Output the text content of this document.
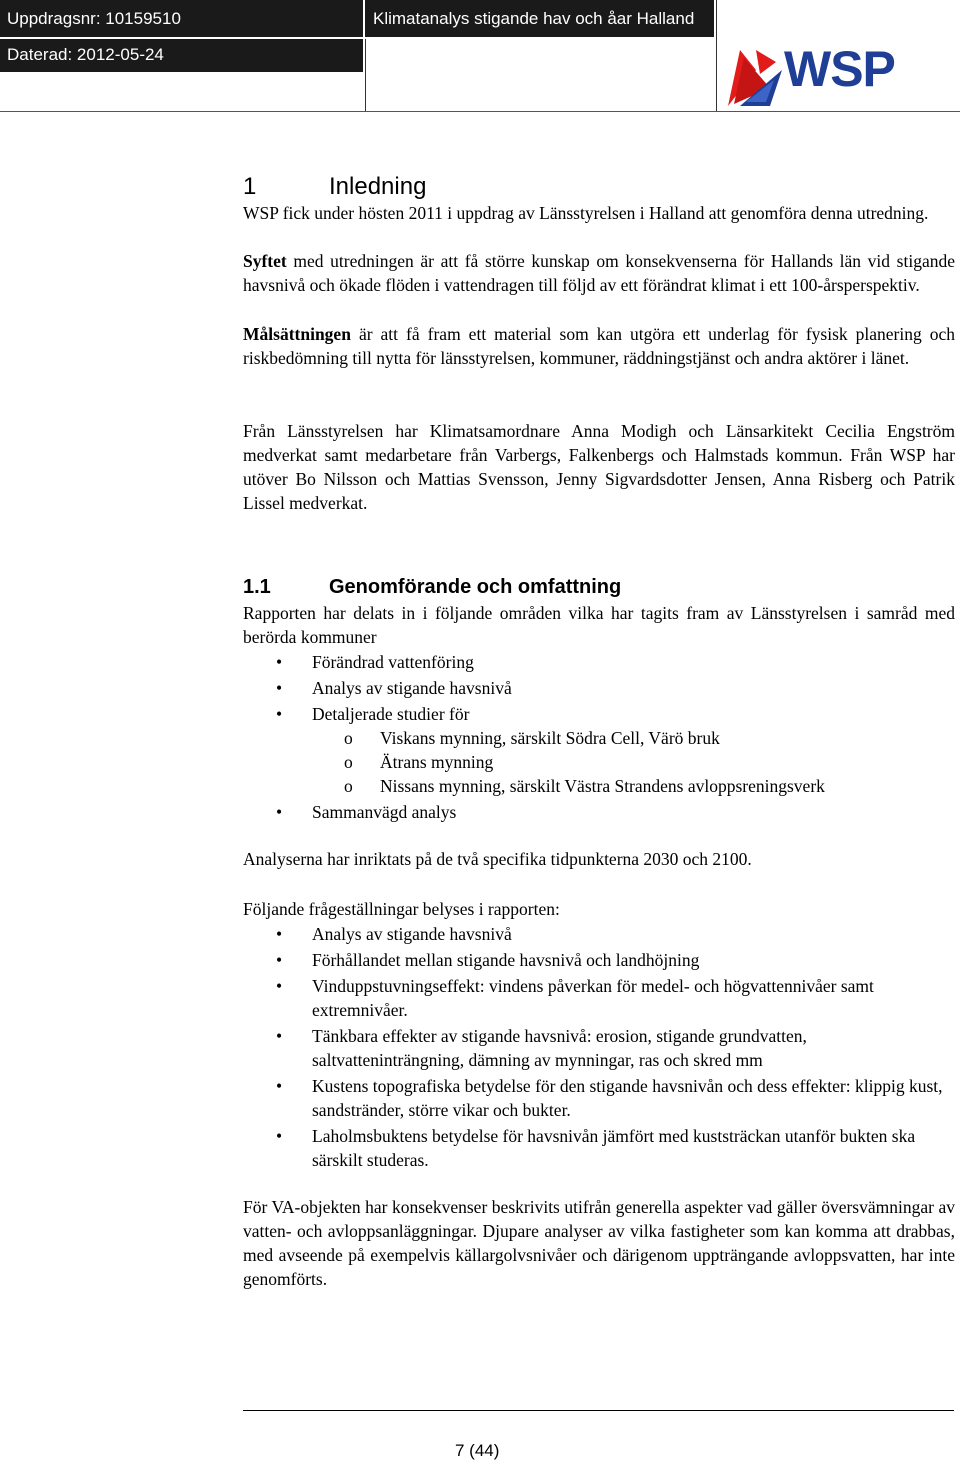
Uppdragsnr: 10159510	Klimatanalys stigande hav och åar Halland
Daterad: 2012-05-24	WSP
1	Inledning
WSP fick under hösten 2011 i uppdrag av Länsstyrelsen i Halland att genomföra denna utredning.
Syftet med utredningen är att få större kunskap om konsekvenserna för Hallands län vid stigande havsnivå och ökade flöden i vattendragen till följd av ett förändrat klimat i ett 100-årsperspektiv.
Målsättningen är att få fram ett material som kan utgöra ett underlag för fysisk planering och riskbedömning till nytta för länsstyrelsen, kommuner, räddningstjänst och andra aktörer i länet.
Från Länsstyrelsen har Klimatsamordnare Anna Modigh och Länsarkitekt Cecilia Engström medverkat samt medarbetare från Varbergs, Falkenbergs och Halmstads kommun. Från WSP har utöver Bo Nilsson och Mattias Svensson, Jenny Sigvardsdotter Jensen, Anna Risberg och Patrik Lissel medverkat.
1.1	Genomförande och omfattning
Rapporten har delats in i följande områden vilka har tagits fram av Länsstyrelsen i samråd med berörda kommuner
• Förändrad vattenföring
• Analys av stigande havsnivå
• Detaljerade studier för
o Viskans mynning, särskilt Södra Cell, Värö bruk
o Ätrans mynning
o Nissans mynning, särskilt Västra Strandens avloppsreningsverk
• Sammanvägd analys
Analyserna har inriktats på de två specifika tidpunkterna 2030 och 2100.
Följande frågeställningar belyses i rapporten:
• Analys av stigande havsnivå
• Förhållandet mellan stigande havsnivå och landhöjning
• Vinduppstuvningseffekt: vindens påverkan för medel- och högvattennivåer samt extremnivåer.
• Tänkbara effekter av stigande havsnivå: erosion, stigande grundvatten, saltvatteninträngning, dämning av mynningar, ras och skred mm
• Kustens topografiska betydelse för den stigande havsnivån och dess effekter: klippig kust, sandstränder, större vikar och bukter.
• Laholmsbuktens betydelse för havsnivån jämfört med kuststräckan utanför bukten ska särskilt studeras.
För VA-objekten har konsekvenser beskrivits utifrån generella aspekter vad gäller översvämningar av vatten- och avloppsanläggningar. Djupare analyser av vilka fastigheter som kan komma att drabbas, med avseende på exempelvis källargolvsnivåer och därigenom uppträngande avloppsvatten, har inte genomförts.
7 (44)
